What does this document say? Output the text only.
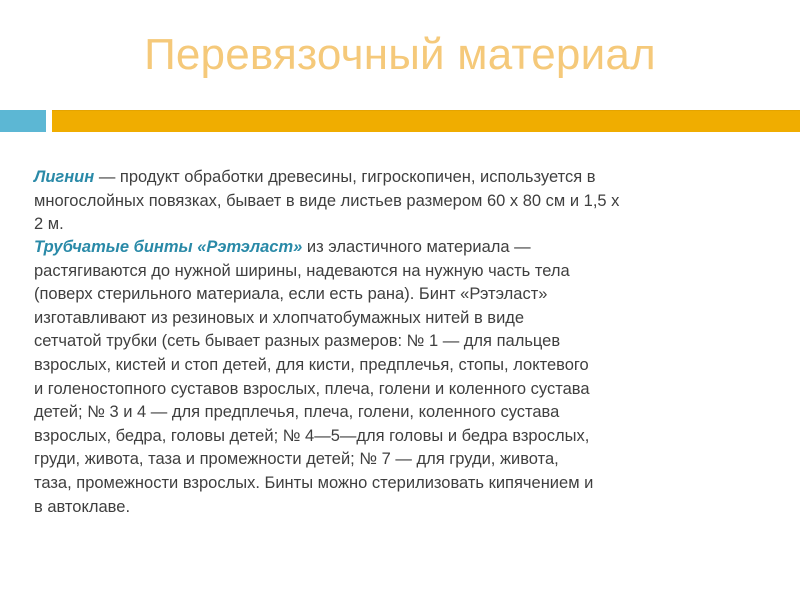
Перевязочный материал
Лигнин — продукт обработки древесины, гигроскопичен, используется в
многослойных повязках, бывает в виде листьев размером 60 х 80 см и 1,5 х
2 м.
Трубчатые бинты «Рэтэласт» из эластичного материала —
растягиваются до нужной ширины, надеваются на нужную часть тела
(поверх стерильного материала, если есть рана). Бинт «Рэтэласт»
изготавливают из резиновых и хлопчатобумажных нитей в виде
сетчатой трубки (сеть бывает разных размеров: № 1 — для пальцев
взрослых, кистей и стоп детей, для кисти, предплечья, стопы, локтевого
и голеностопного суставов взрослых, плеча, голени и коленного сустава
детей; № 3 и 4 — для предплечья, плеча, голени, коленного сустава
взрослых, бедра, головы детей; № 4—5—для головы и бедра взрослых,
груди, живота, таза и промежности детей; № 7 — для груди, живота,
таза, промежности взрослых. Бинты можно стерилизовать кипячением и
в автоклаве.
